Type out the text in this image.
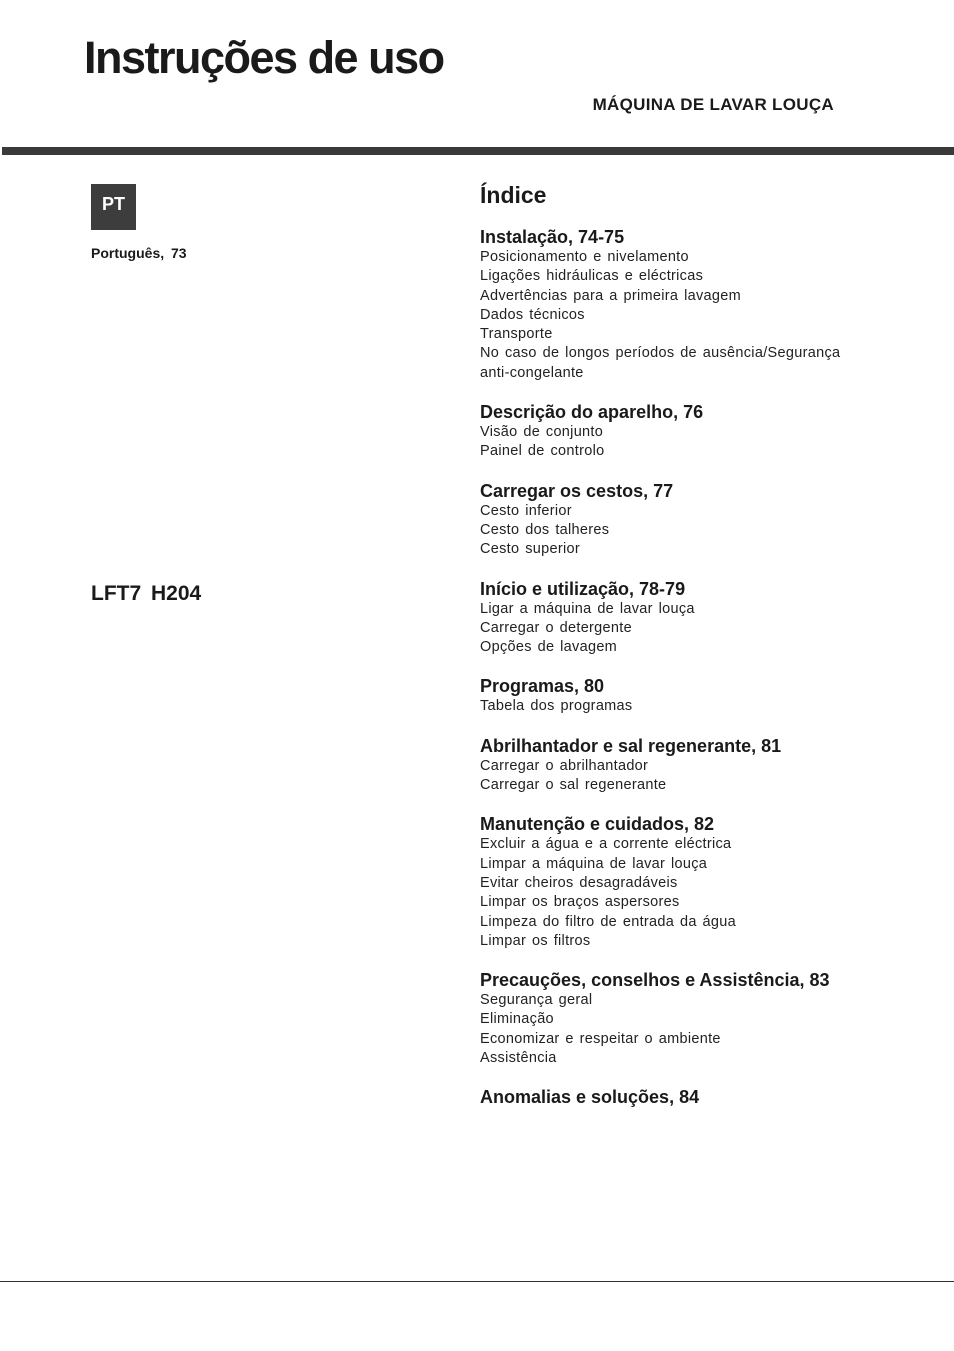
Instruções de uso
MÁQUINA DE LAVAR LOUÇA
PT
Português, 73
LFT7 H204
Índice
Instalação, 74-75
Posicionamento e nivelamento
Ligações hidráulicas e eléctricas
Advertências para a primeira lavagem
Dados técnicos
Transporte
No caso de longos períodos de ausência/Segurança
anti-congelante
Descrição do aparelho, 76
Visão de conjunto
Painel de controlo
Carregar os cestos, 77
Cesto inferior
Cesto dos talheres
Cesto superior
Início e utilização, 78-79
Ligar a máquina de lavar louça
Carregar o detergente
Opções de lavagem
Programas, 80
Tabela dos programas
Abrilhantador e sal regenerante, 81
Carregar o abrilhantador
Carregar o sal regenerante
Manutenção e cuidados, 82
Excluir a água e a corrente eléctrica
Limpar a máquina de lavar louça
Evitar cheiros desagradáveis
Limpar os braços aspersores
Limpeza do filtro de entrada da água
Limpar os filtros
Precauções, conselhos e Assistência, 83
Segurança geral
Eliminação
Economizar e respeitar o ambiente
Assistência
Anomalias e soluções, 84
